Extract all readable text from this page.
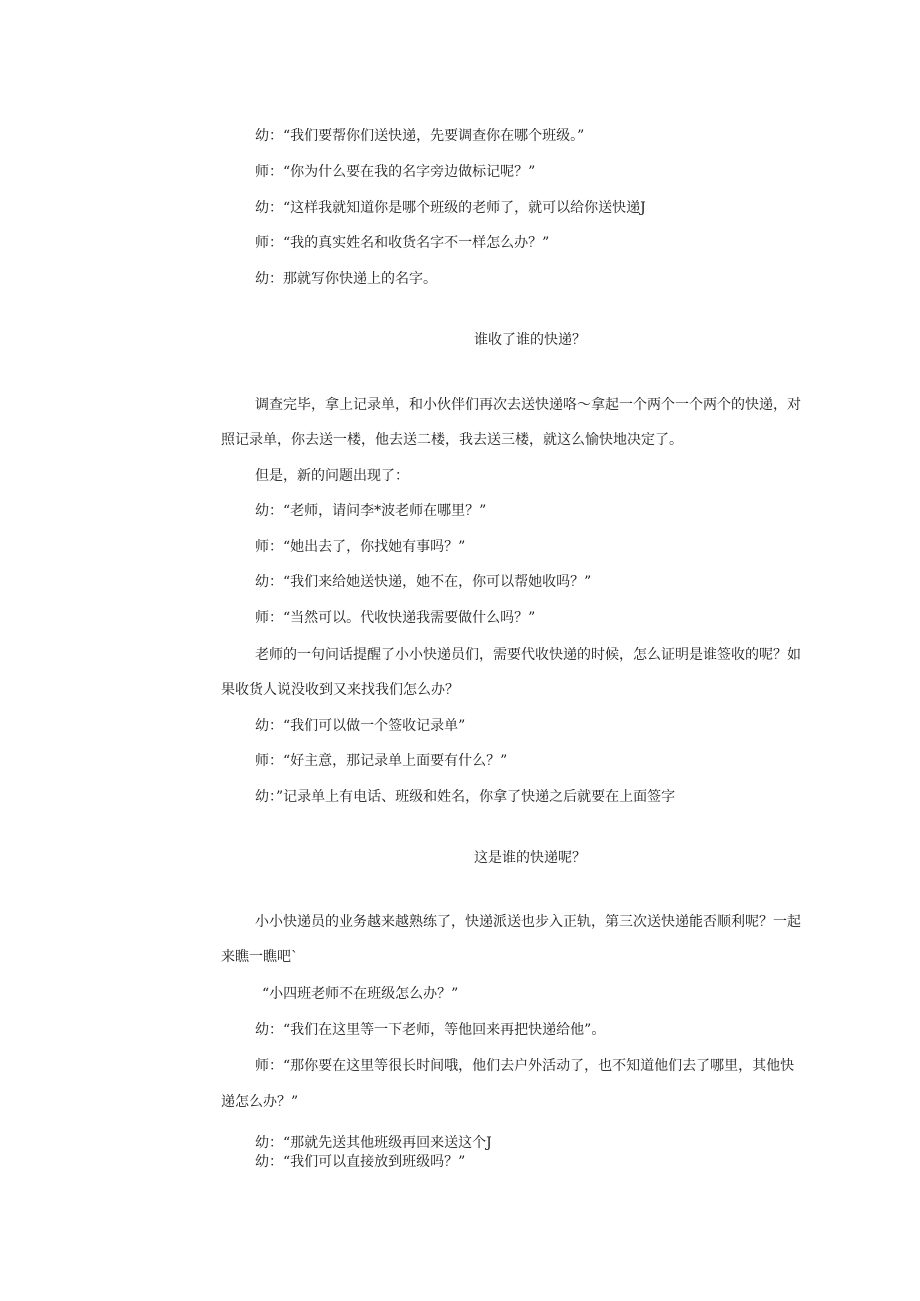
幼：“我们要帮你们送快递，先要调查你在哪个班级。”
师：“你为什么要在我的名字旁边做标记呢？”
幼：“这样我就知道你是哪个班级的老师了，就可以给你送快递J
师：“我的真实姓名和收货名字不一样怎么办？”
幼：那就写你快递上的名字。
谁收了谁的快递？
调查完毕，拿上记录单，和小伙伴们再次去送快递咯〜拿起一个两个一个两个的快递，对
照记录单，你去送一楼，他去送二楼，我去送三楼，就这么愉快地决定了。
但是，新的问题出现了：
幼：“老师，请问李*波老师在哪里？”
师：“她出去了，你找她有事吗？”
幼：“我们来给她送快递，她不在，你可以帮她收吗？”
师：“当然可以。代收快递我需要做什么吗？”
老师的一句问话提醒了小小快递员们，需要代收快递的时候，怎么证明是谁签收的呢？如
果收货人说没收到又来找我们怎么办？
幼：“我们可以做一个签收记录单”
师：“好主意，那记录单上面要有什么？”
幼：”记录单上有电话、班级和姓名，你拿了快递之后就要在上面签字
这是谁的快递呢？
小小快递员的业务越来越熟练了，快递派送也步入正轨，第三次送快递能否顺利呢？一起
来瞧一瞧吧`
“小四班老师不在班级怎么办？”
幼：“我们在这里等一下老师，等他回来再把快递给他”。
师：“那你要在这里等很长时间哦，他们去户外活动了，也不知道他们去了哪里，其他快
递怎么办？”
幼：“那就先送其他班级再回来送这个J
幼：“我们可以直接放到班级吗？”
